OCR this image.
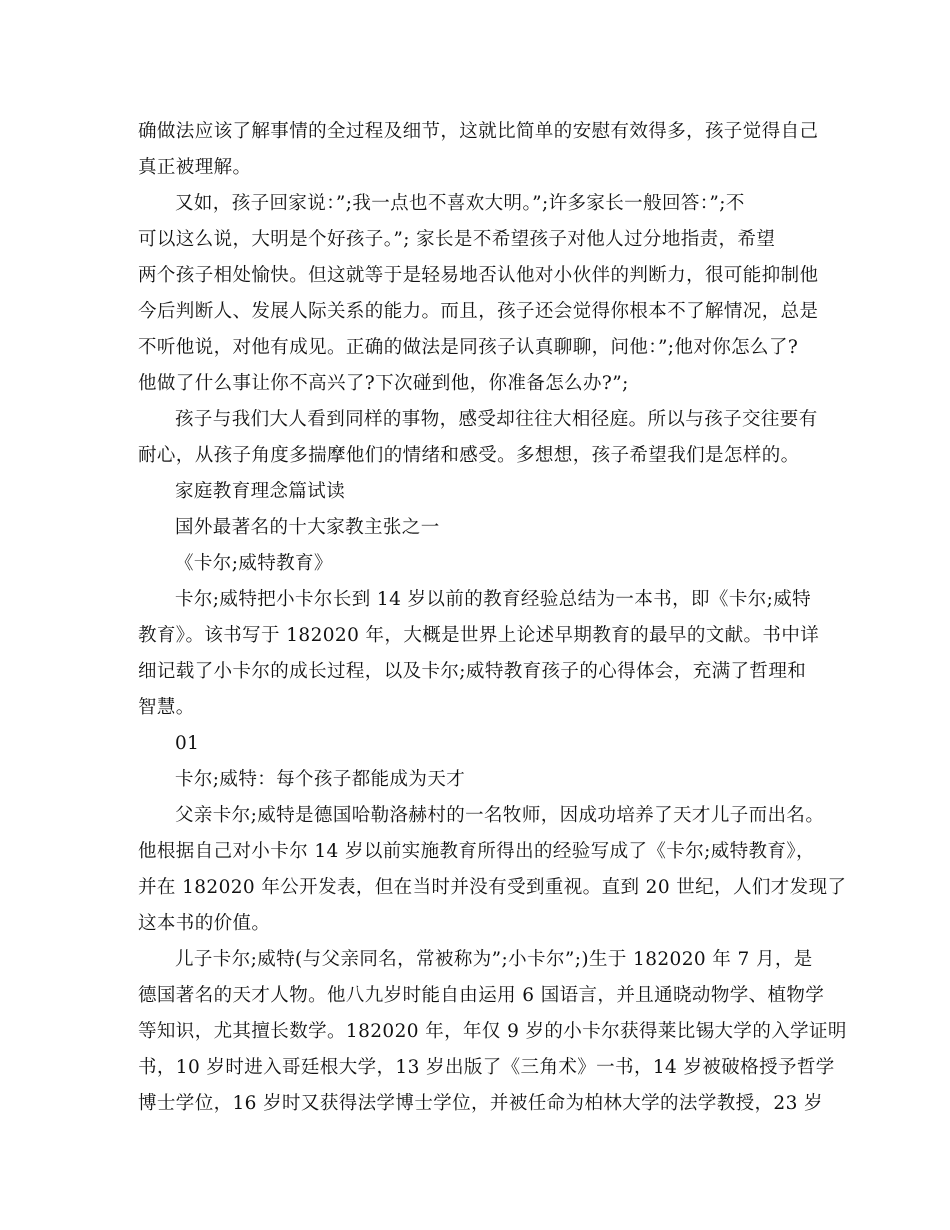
确做法应该了解事情的全过程及细节，这就比简单的安慰有效得多，孩子觉得自己
真正被理解。
又如，孩子回家说：”;我一点也不喜欢大明。”;许多家长一般回答：”;不
可以这么说，大明是个好孩子。”; 家长是不希望孩子对他人过分地指责，希望
两个孩子相处愉快。但这就等于是轻易地否认他对小伙伴的判断力，很可能抑制他
今后判断人、发展人际关系的能力。而且，孩子还会觉得你根本不了解情况，总是
不听他说，对他有成见。正确的做法是同孩子认真聊聊，问他：”;他对你怎么了?
他做了什么事让你不高兴了?下次碰到他，你准备怎么办?”;
孩子与我们大人看到同样的事物，感受却往往大相径庭。所以与孩子交往要有
耐心，从孩子角度多揣摩他们的情绪和感受。多想想，孩子希望我们是怎样的。
家庭教育理念篇试读
国外最著名的十大家教主张之一
《卡尔;威特教育》
卡尔;威特把小卡尔长到 14 岁以前的教育经验总结为一本书，即《卡尔;威特
教育》。该书写于 182020 年，大概是世界上论述早期教育的最早的文献。书中详
细记载了小卡尔的成长过程，以及卡尔;威特教育孩子的心得体会，充满了哲理和
智慧。
01
卡尔;威特：每个孩子都能成为天才
父亲卡尔;威特是德国哈勒洛赫村的一名牧师，因成功培养了天才儿子而出名。
他根据自己对小卡尔 14 岁以前实施教育所得出的经验写成了《卡尔;威特教育》，
并在 182020 年公开发表，但在当时并没有受到重视。直到 20 世纪，人们才发现了
这本书的价值。
儿子卡尔;威特(与父亲同名，常被称为”;小卡尔”;)生于 182020 年 7 月，是
德国著名的天才人物。他八九岁时能自由运用 6 国语言，并且通晓动物学、植物学
等知识，尤其擅长数学。182020 年，年仅 9 岁的小卡尔获得莱比锡大学的入学证明
书，10 岁时进入哥廷根大学，13 岁出版了《三角术》一书，14 岁被破格授予哲学
博士学位，16 岁时又获得法学博士学位，并被任命为柏林大学的法学教授，23 岁
